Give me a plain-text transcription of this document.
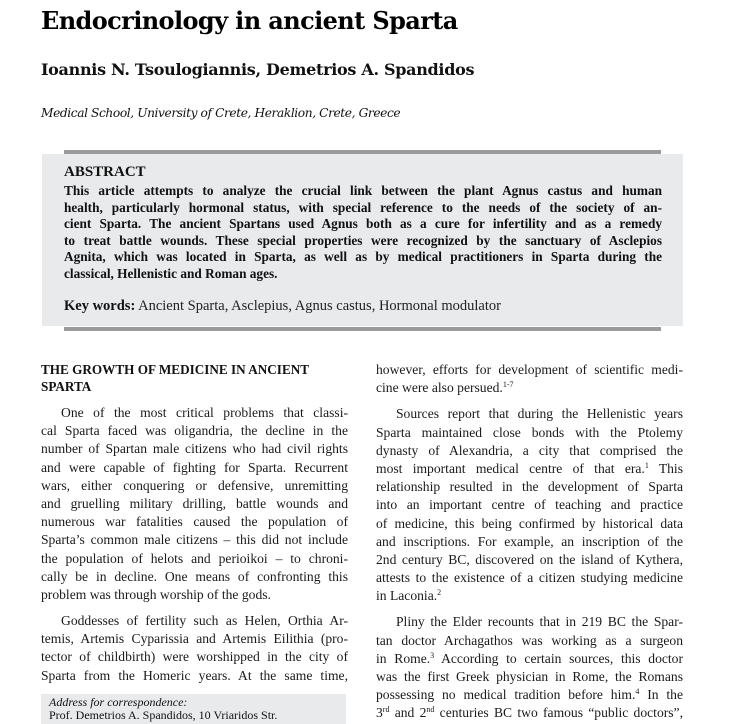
Endocrinology in ancient Sparta
Ioannis N. Tsoulogiannis, Demetrios A. Spandidos
Medical School, University of Crete, Heraklion, Crete, Greece
ABSTRACT
This article attempts to analyze the crucial link between the plant Agnus castus and human
health, particularly hormonal status, with special reference to the needs of the society of an-
cient Sparta. The ancient Spartans used Agnus both as a cure for infertility and as a remedy
to treat battle wounds. These special properties were recognized by the sanctuary of Asclepios
Agnita, which was located in Sparta, as well as by medical practitioners in Sparta during the
classical, Hellenistic and Roman ages.
Key words: Ancient Sparta, Asclepius, Agnus castus, Hormonal modulator
THE GROWTH OF MEDICINE IN ANCIENT
SPARTA
One of the most critical problems that classi-
cal Sparta faced was oligandria, the decline in the
number of Spartan male citizens who had civil rights
and were capable of fighting for Sparta. Recurrent
wars, either conquering or defensive, unremitting
and gruelling military drilling, battle wounds and
numerous war fatalities caused the population of
Sparta’s common male citizens – this did not include
the population of helots and perioikoi – to chroni-
cally be in decline. One means of confronting this
problem was through worship of the gods.
Goddesses of fertility such as Helen, Orthia Ar-
temis, Artemis Cyparissia and Artemis Eilithia (pro-
tector of childbirth) were worshipped in the city of
Sparta from the Homeric years. At the same time,
however, efforts for development of scientific medi-
cine were also persued.$^{1-7}$
Sources report that during the Hellenistic years
Sparta maintained close bonds with the Ptolemy
dynasty of Alexandria, a city that comprised the
most important medical centre of that era.$^1$ This
relationship resulted in the development of Sparta
into an important centre of teaching and practice
of medicine, this being confirmed by historical data
and inscriptions. For example, an inscription of the
2nd century BC, discovered on the island of Kythera,
attests to the existence of a citizen studying medicine
in Laconia.$^2$
Pliny the Elder recounts that in 219 BC the Spar-
tan doctor Archagathos was working as a surgeon
in Rome.$^3$ According to certain sources, this doctor
was the first Greek physician in Rome, the Romans
possessing no medical tradition before him.$^4$ In the
3rd and 2nd centuries BC two famous “public doctors”,
Address for correspondence:
Prof. Demetrios A. Spandidos, 10 Vriaridos Str.
